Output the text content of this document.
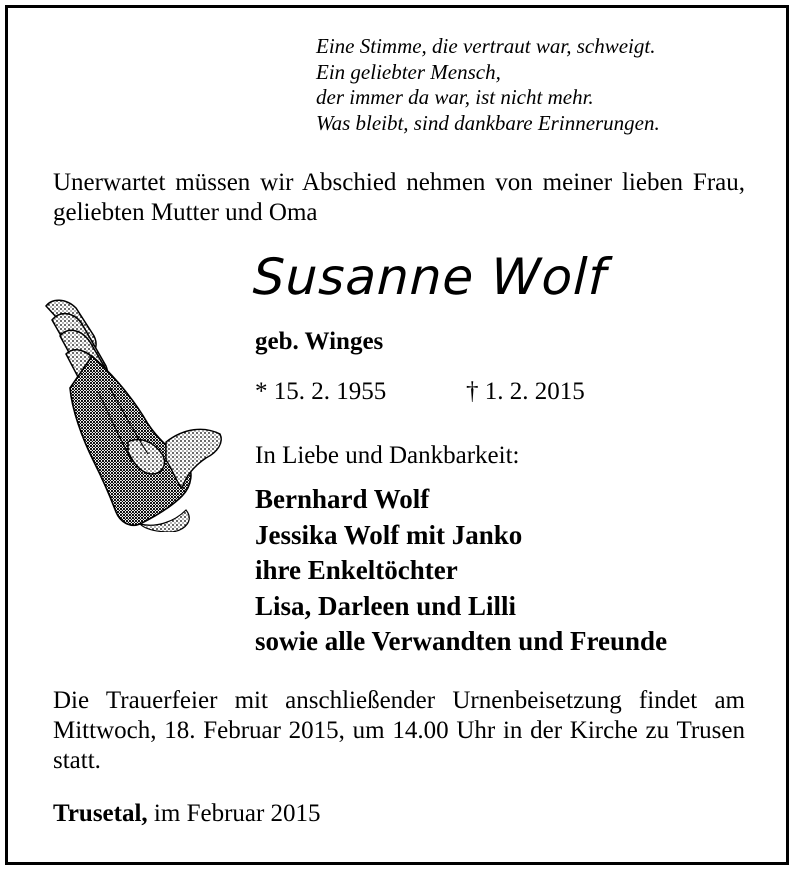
Eine Stimme, die vertraut war, schweigt.
Ein geliebter Mensch,
der immer da war, ist nicht mehr.
Was bleibt, sind dankbare Erinnerungen.
Unerwartet müssen wir Abschied nehmen von meiner lieben Frau, geliebten Mutter und Oma
Susanne Wolf
geb. Winges
* 15. 2. 1955	† 1. 2. 2015
In Liebe und Dankbarkeit:
Bernhard Wolf
Jessika Wolf mit Janko
ihre Enkeltöchter
Lisa, Darleen und Lilli
sowie alle Verwandten und Freunde
Die Trauerfeier mit anschließender Urnenbeisetzung findet am Mittwoch, 18. Februar 2015, um 14.00 Uhr in der Kirche zu Trusen statt.
Trusetal, im Februar 2015
